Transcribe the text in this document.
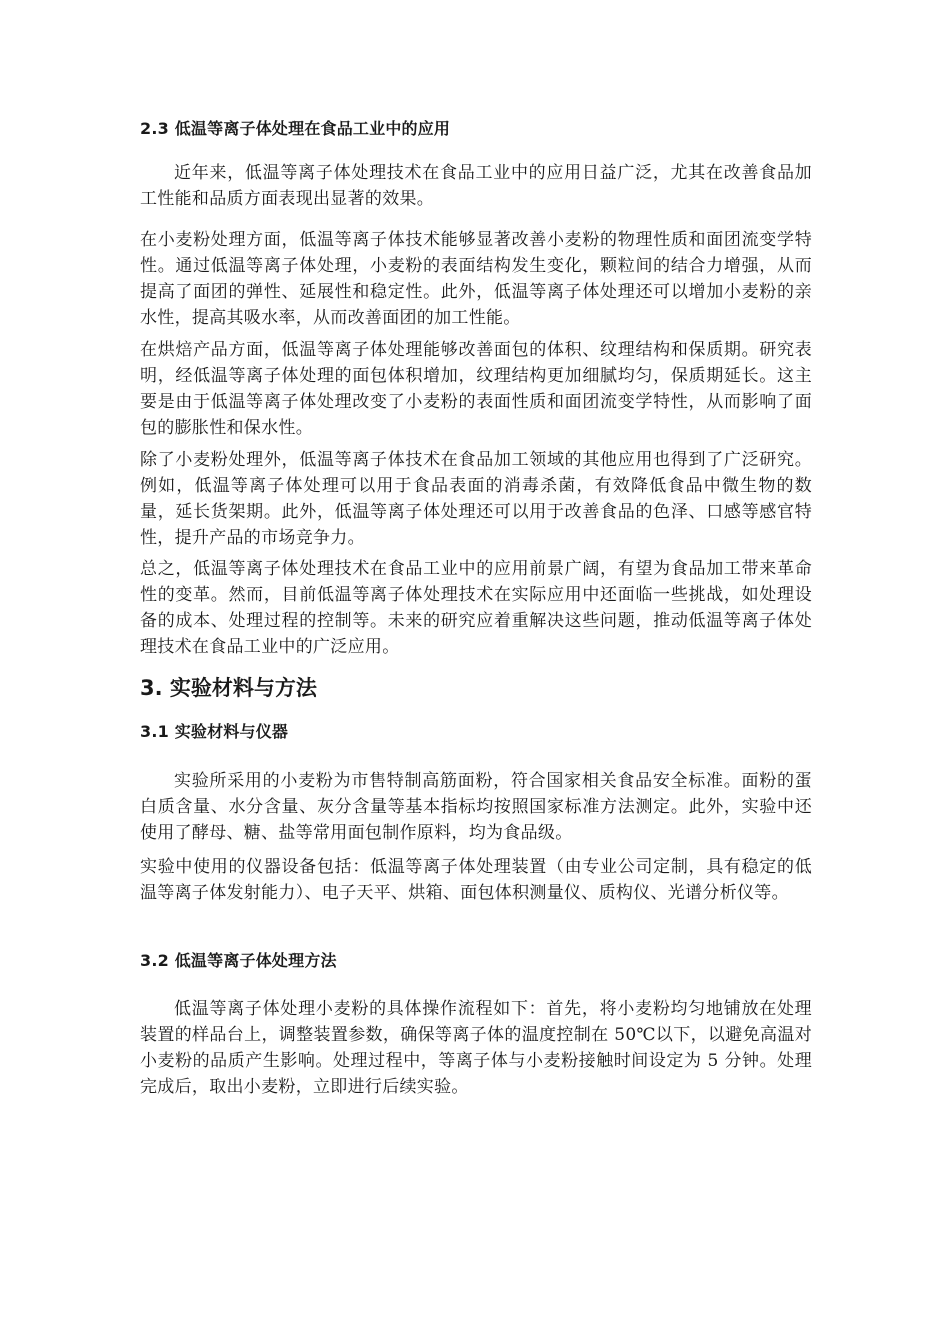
2.3 低温等离子体处理在食品工业中的应用

近年来，低温等离子体处理技术在食品工业中的应用日益广泛，尤其在改善食品加工性能和品质方面表现出显著的效果。

在小麦粉处理方面，低温等离子体技术能够显著改善小麦粉的物理性质和面团流变学特性。通过低温等离子体处理，小麦粉的表面结构发生变化，颗粒间的结合力增强，从而提高了面团的弹性、延展性和稳定性。此外，低温等离子体处理还可以增加小麦粉的亲水性，提高其吸水率，从而改善面团的加工性能。

在烘焙产品方面，低温等离子体处理能够改善面包的体积、纹理结构和保质期。研究表明，经低温等离子体处理的面包体积增加，纹理结构更加细腻均匀，保质期延长。这主要是由于低温等离子体处理改变了小麦粉的表面性质和面团流变学特性，从而影响了面包的膨胀性和保水性。

除了小麦粉处理外，低温等离子体技术在食品加工领域的其他应用也得到了广泛研究。例如，低温等离子体处理可以用于食品表面的消毒杀菌，有效降低食品中微生物的数量，延长货架期。此外，低温等离子体处理还可以用于改善食品的色泽、口感等感官特性，提升产品的市场竞争力。

总之，低温等离子体处理技术在食品工业中的应用前景广阔，有望为食品加工带来革命性的变革。然而，目前低温等离子体处理技术在实际应用中还面临一些挑战，如处理设备的成本、处理过程的控制等。未来的研究应着重解决这些问题，推动低温等离子体处理技术在食品工业中的广泛应用。

3. 实验材料与方法
3.1 实验材料与仪器

实验所采用的小麦粉为市售特制高筋面粉，符合国家相关食品安全标准。面粉的蛋白质含量、水分含量、灰分含量等基本指标均按照国家标准方法测定。此外，实验中还使用了酵母、糖、盐等常用面包制作原料，均为食品级。

实验中使用的仪器设备包括：低温等离子体处理装置（由专业公司定制，具有稳定的低温等离子体发射能力）、电子天平、烘箱、面包体积测量仪、质构仪、光谱分析仪等。

3.2 低温等离子体处理方法

低温等离子体处理小麦粉的具体操作流程如下：首先，将小麦粉均匀地铺放在处理装置的样品台上，调整装置参数，确保等离子体的温度控制在 50℃以下，以避免高温对小麦粉的品质产生影响。处理过程中，等离子体与小麦粉接触时间设定为 5 分钟。处理完成后，取出小麦粉，立即进行后续实验。
